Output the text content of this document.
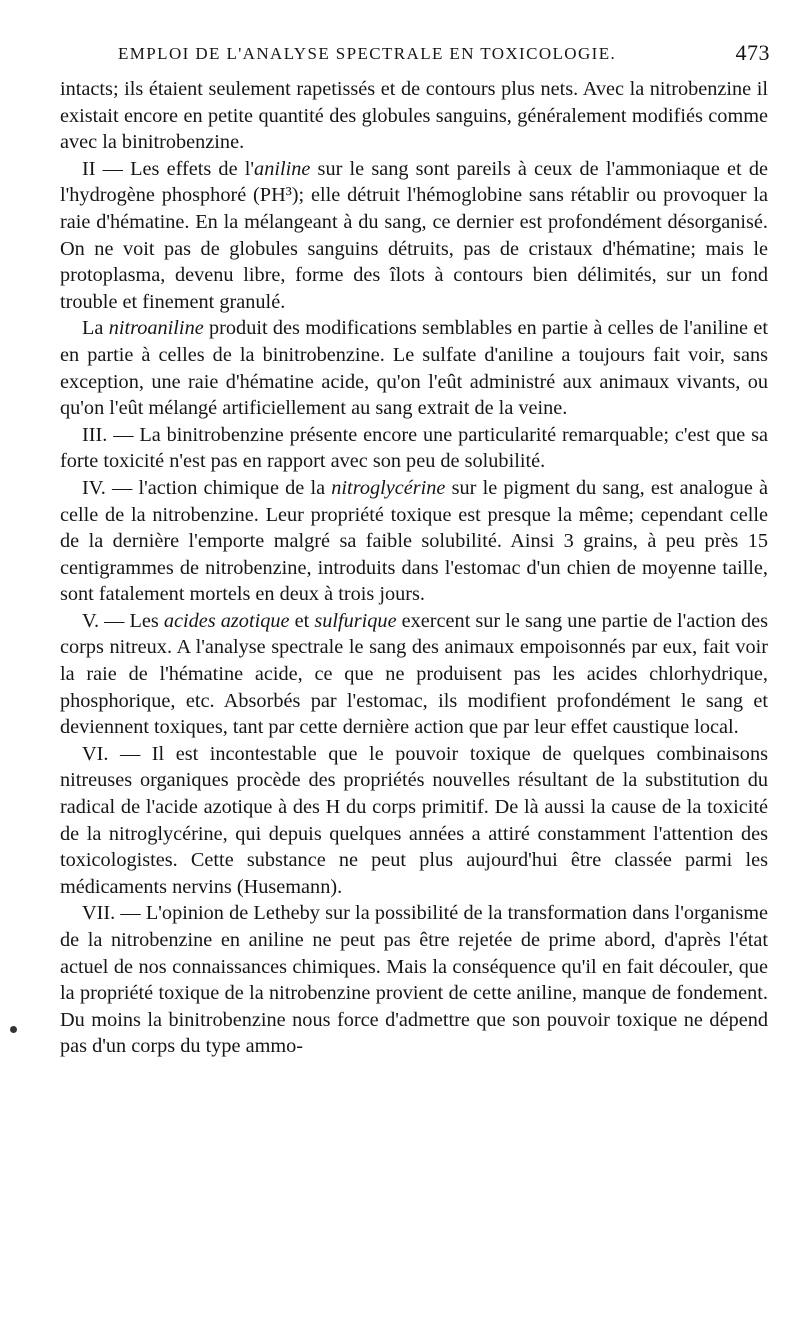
EMPLOI DE L'ANALYSE SPECTRALE EN TOXICOLOGIE.	473

intacts; ils étaient seulement rapetissés et de contours plus nets. Avec la nitrobenzine il existait encore en petite quantité des globules sanguins, généralement modifiés comme avec la binitrobenzine.

II — Les effets de l'aniline sur le sang sont pareils à ceux de l'ammoniaque et de l'hydrogène phosphoré (PH³); elle détruit l'hémoglobine sans rétablir ou provoquer la raie d'hématine. En la mélangeant à du sang, ce dernier est profondément désorganisé. On ne voit pas de globules sanguins détruits, pas de cristaux d'hématine; mais le protoplasma, devenu libre, forme des îlots à contours bien délimités, sur un fond trouble et finement granulé.

La nitroaniline produit des modifications semblables en partie à celles de l'aniline et en partie à celles de la binitrobenzine. Le sulfate d'aniline a toujours fait voir, sans exception, une raie d'hématine acide, qu'on l'eût administré aux animaux vivants, ou qu'on l'eût mélangé artificiellement au sang extrait de la veine.

III. — La binitrobenzine présente encore une particularité remarquable; c'est que sa forte toxicité n'est pas en rapport avec son peu de solubilité.

IV. — l'action chimique de la nitroglycérine sur le pigment du sang, est analogue à celle de la nitrobenzine. Leur propriété toxique est presque la même; cependant celle de la dernière l'emporte malgré sa faible solubilité. Ainsi 3 grains, à peu près 15 centigrammes de nitrobenzine, introduits dans l'estomac d'un chien de moyenne taille, sont fatalement mortels en deux à trois jours.

V. — Les acides azotique et sulfurique exercent sur le sang une partie de l'action des corps nitreux. A l'analyse spectrale le sang des animaux empoisonnés par eux, fait voir la raie de l'hématine acide, ce que ne produisent pas les acides chlorhydrique, phosphorique, etc. Absorbés par l'estomac, ils modifient profondément le sang et deviennent toxiques, tant par cette dernière action que par leur effet caustique local.

VI. — Il est incontestable que le pouvoir toxique de quelques combinaisons nitreuses organiques procède des propriétés nouvelles résultant de la substitution du radical de l'acide azotique à des H du corps primitif. De là aussi la cause de la toxicité de la nitroglycérine, qui depuis quelques années a attiré constamment l'attention des toxicologistes. Cette substance ne peut plus aujourd'hui être classée parmi les médicaments nervins (Husemann).

VII. — L'opinion de Letheby sur la possibilité de la transformation dans l'organisme de la nitrobenzine en aniline ne peut pas être rejetée de prime abord, d'après l'état actuel de nos connaissances chimiques. Mais la conséquence qu'il en fait découler, que la propriété toxique de la nitrobenzine provient de cette aniline, manque de fondement. Du moins la binitrobenzine nous force d'admettre que son pouvoir toxique ne dépend pas d'un corps du type ammo-
